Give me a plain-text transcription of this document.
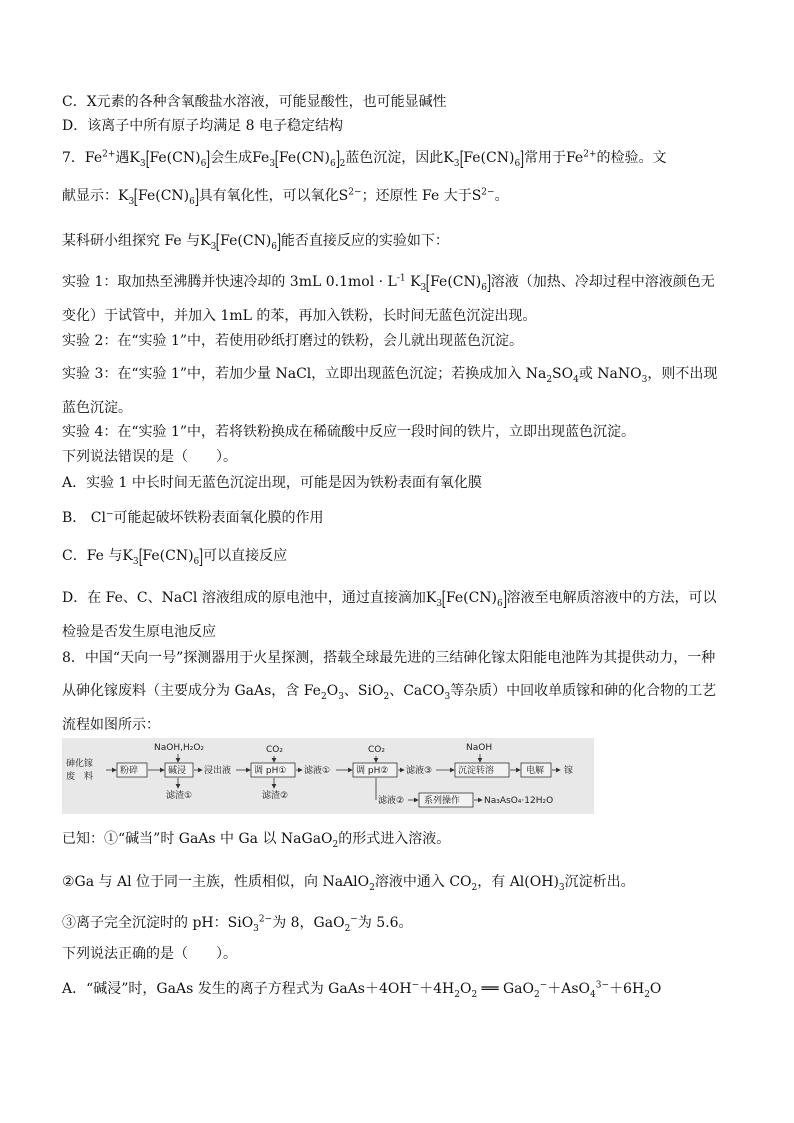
C．X元素的各种含氧酸盐水溶液，可能显酸性，也可能显碱性
D．该离子中所有原子均满足 8 电子稳定结构
7．$Fe^{2+}$遇$K_3[Fe(CN)_6]$会生成$Fe_3[Fe(CN)_6]_2$蓝色沉淀，因此$K_3[Fe(CN)_6]$常用于$Fe^{2+}$的检验。文
献显示：$K_3[Fe(CN)_6]$具有氧化性，可以氧化$S^{2-}$；还原性 Fe 大于$S^{2-}$。
某科研小组探究 Fe 与$K_3[Fe(CN)_6]$能否直接反应的实验如下：
实验 1：取加热至沸腾并快速冷却的 3mL $0.1mol \cdot L^{-1}$ $K_3[Fe(CN)_6]$溶液（加热、冷却过程中溶液颜色无
变化）于试管中，并加入 1mL 的苯，再加入铁粉，长时间无蓝色沉淀出现。
实验 2：在“实验 1”中，若使用砂纸打磨过的铁粉，会儿就出现蓝色沉淀。
实验 3：在“实验 1”中，若加少量 NaCl，立即出现蓝色沉淀；若换成加入 $Na_2SO_4$或 NaNO$_3$，则不出现
蓝色沉淀。
实验 4：在“实验 1”中，若将铁粉换成在稀硫酸中反应一段时间的铁片，立即出现蓝色沉淀。
下列说法错误的是（　　）。
A．实验 1 中长时间无蓝色沉淀出现，可能是因为铁粉表面有氧化膜
B． Cl−可能起破坏铁粉表面氧化膜的作用
C．Fe 与$K_3[Fe(CN)_6]$可以直接反应
D．在 Fe、C、NaCl 溶液组成的原电池中，通过直接滴加$K_3[Fe(CN)_6]$溶液至电解质溶液中的方法，可以
检验是否发生原电池反应
8．中国“天向一号”探测器用于火星探测，搭载全球最先进的三结砷化镓太阳能电池阵为其提供动力，一种
从砷化镓废料（主要成分为 GaAs，含 $Fe_2O_3$、SiO$_2$、CaCO$_3$等杂质）中回收单质镓和砷的化合物的工艺
流程如图所示：
砷化镓
废　料
粉碎
NaOH,H₂O₂
碱浸 浸出液
CO₂
调 pH① 滤液①
CO₂
调 pH② 滤液③
NaOH
沉淀转溶	电解 镓
滤渣①	滤渣②	滤液② 系列操作	Na₃AsO₄·12H₂O
已知：①“碱当”时 GaAs 中 Ga 以 NaGaO$_2$的形式进入溶液。
②Ga 与 Al 位于同一主族，性质相似，向 NaAlO$_2$溶液中通入 $CO_2$，有 $Al(OH)_3$沉淀析出。
③离子完全沉淀时的 pH：SiO$_3^{2-}$为 8，GaO$_2$−为 5.6。
下列说法正确的是（　　）。
A．“碱浸”时，GaAs 发生的离子方程式为 $GaAs+4OH^-+4H_2O_2$ ══ $GaO_2^-+AsO_4^{3-}+6H_2O$
